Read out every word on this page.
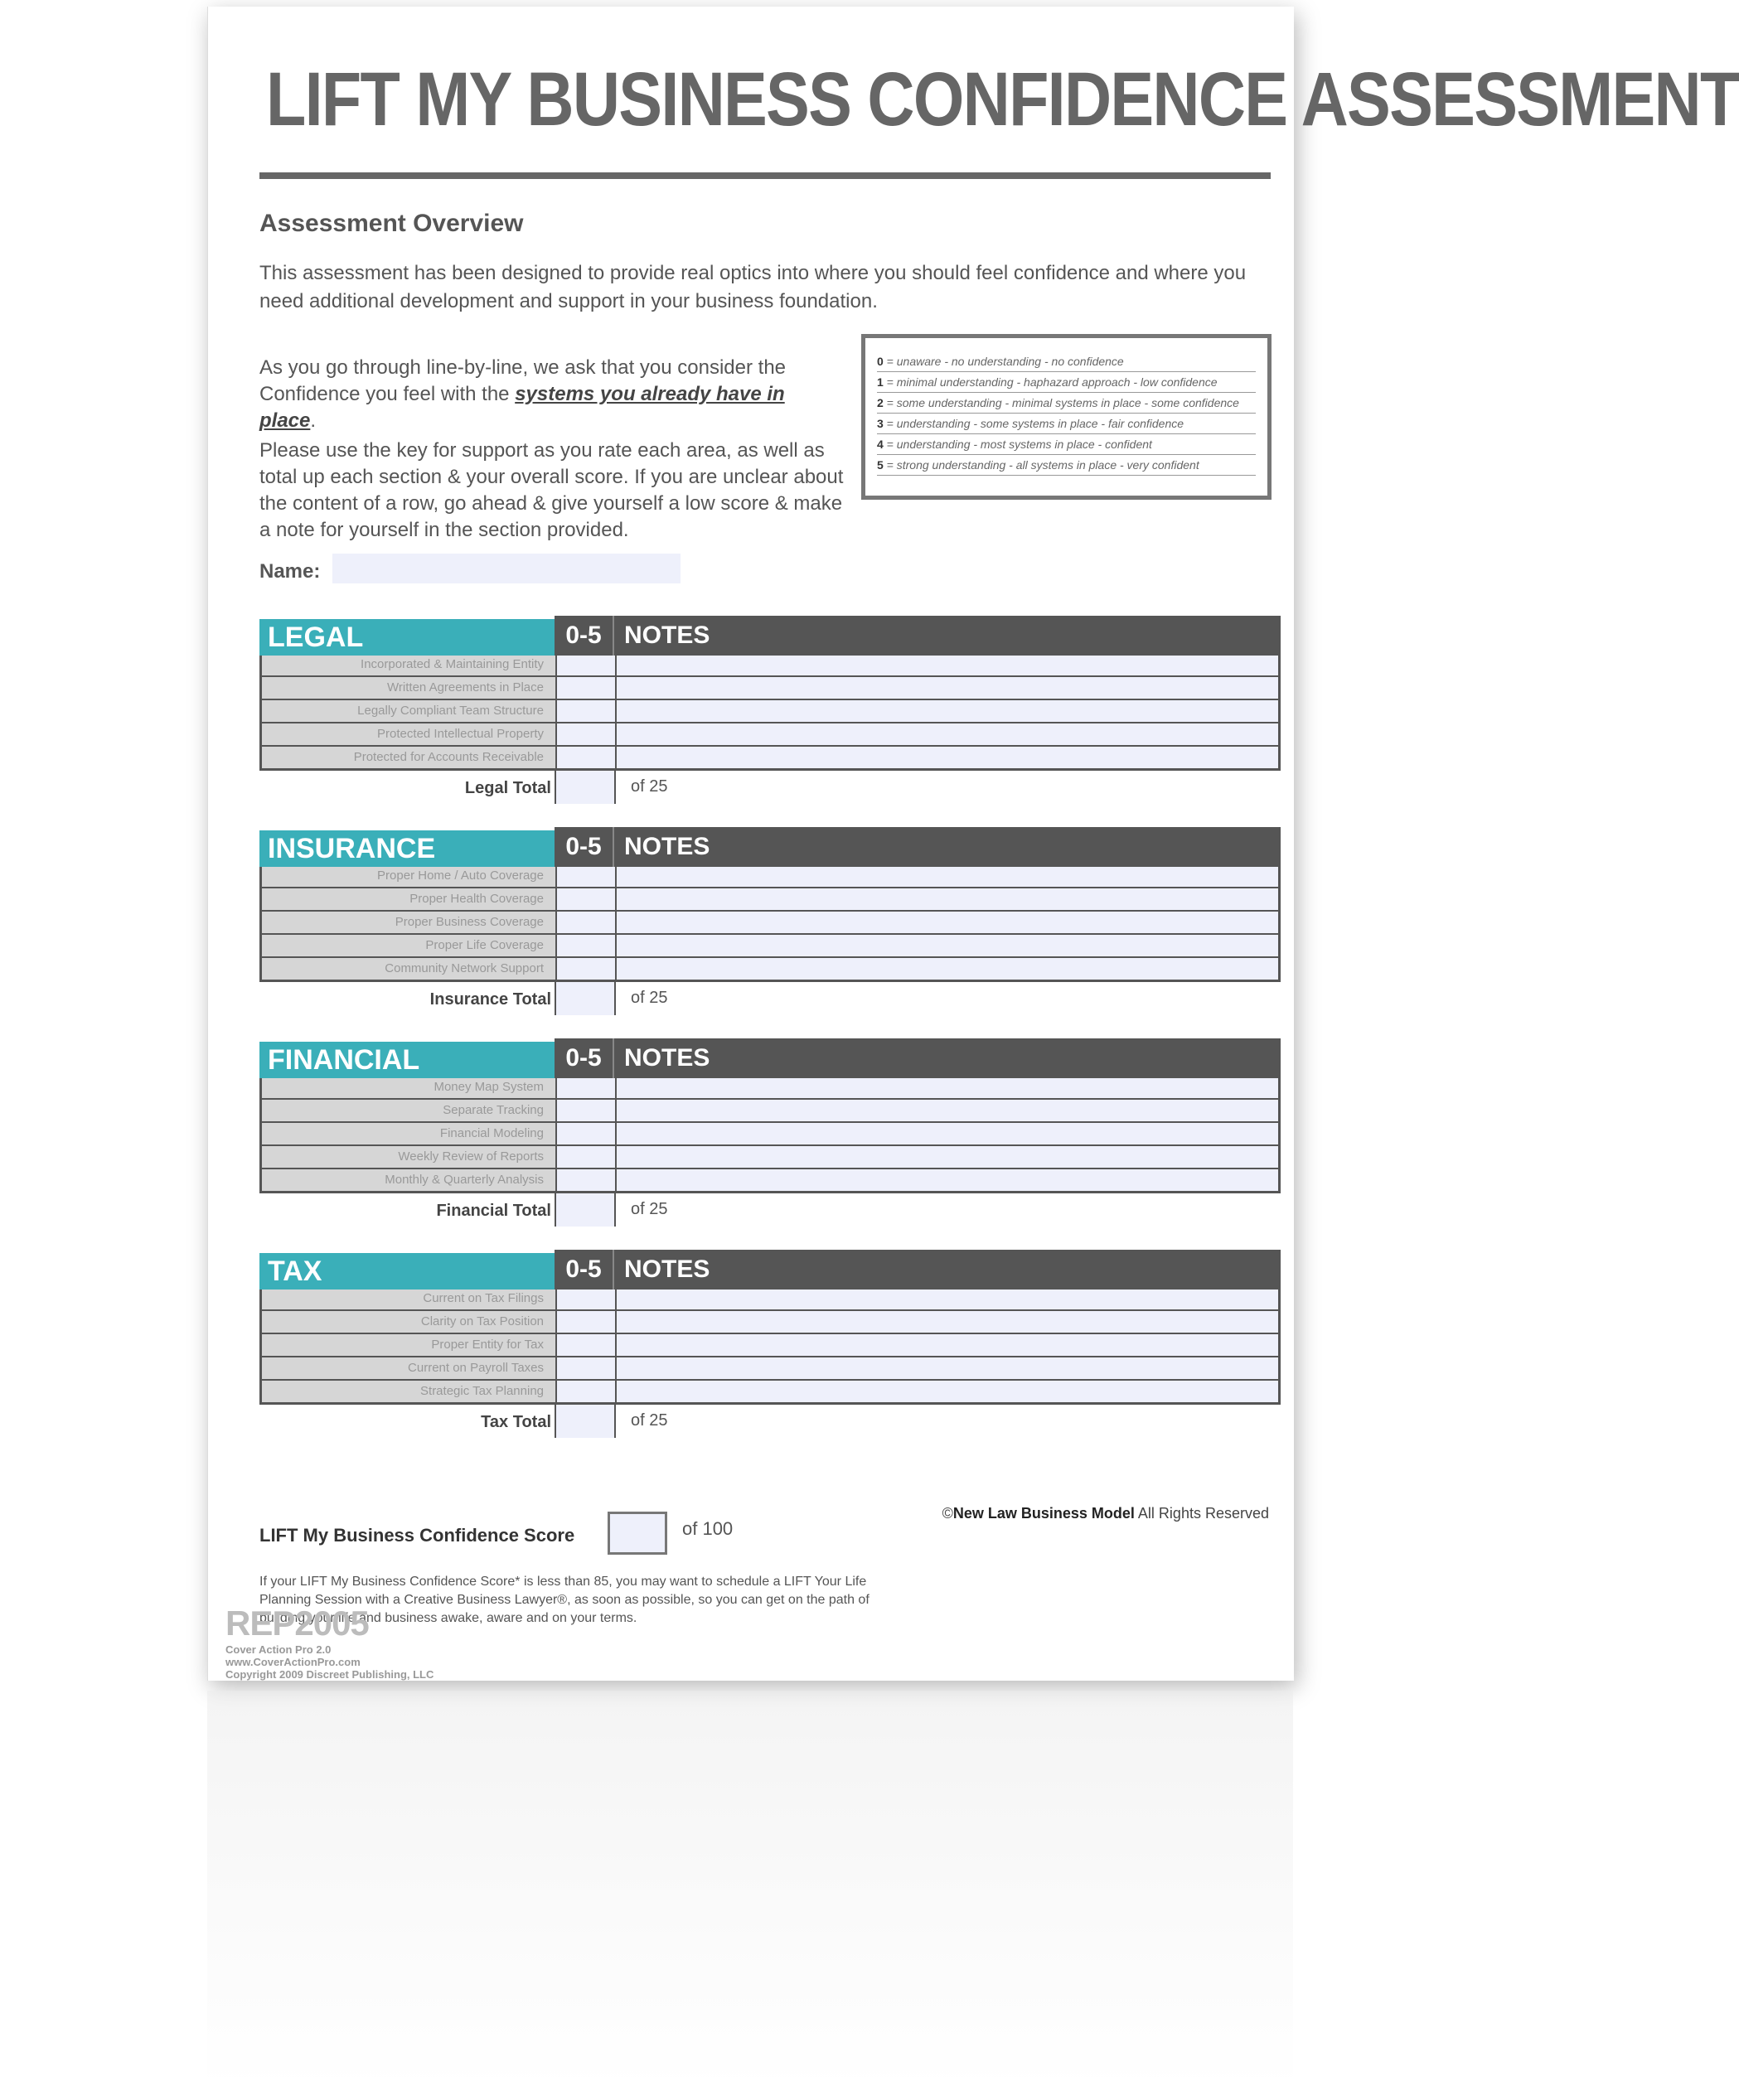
LIFT MY BUSINESS CONFIDENCE ASSESSMENT
Assessment Overview
This assessment has been designed to provide real optics into where you should feel confidence and where you need additional development and support in your business foundation.
As you go through line-by-line, we ask that you consider the Confidence you feel with the systems you already have in place.
Please use the key for support as you rate each area, as well as total up each section & your overall score. If you are unclear about the content of a row, go ahead & give yourself a low score & make a note for yourself in the section provided.
0 = unaware - no understanding - no confidence
1 = minimal understanding - haphazard approach - low confidence
2 = some understanding - minimal systems in place - some confidence
3 = understanding - some systems in place - fair confidence
4 = understanding - most systems in place - confident
5 = strong understanding - all systems in place - very confident
Name:
LEGAL	0-5 NOTES
Incorporated & Maintaining Entity
Written Agreements in Place
Legally Compliant Team Structure
Protected Intellectual Property
Protected for Accounts Receivable
Legal Total	of 25
INSURANCE	0-5 NOTES
Proper Home / Auto Coverage
Proper Health Coverage
Proper Business Coverage
Proper Life Coverage
Community Network Support
Insurance Total	of 25
FINANCIAL	0-5 NOTES
Money Map System
Separate Tracking
Financial Modeling
Weekly Review of Reports
Monthly & Quarterly Analysis
Financial Total	of 25
TAX	0-5 NOTES
Current on Tax Filings
Clarity on Tax Position
Proper Entity for Tax
Current on Payroll Taxes
Strategic Tax Planning
Tax Total	of 25
LIFT My Business Confidence Score	of 100
©New Law Business Model All Rights Reserved
If your LIFT My Business Confidence Score* is less than 85, you may want to schedule a LIFT Your Life Planning Session with a Creative Business Lawyer®, as soon as possible, so you can get on the path of building your life and business awake, aware and on your terms.
REP2005
Cover Action Pro 2.0
www.CoverActionPro.com
Copyright 2009 Discreet Publishing, LLC
